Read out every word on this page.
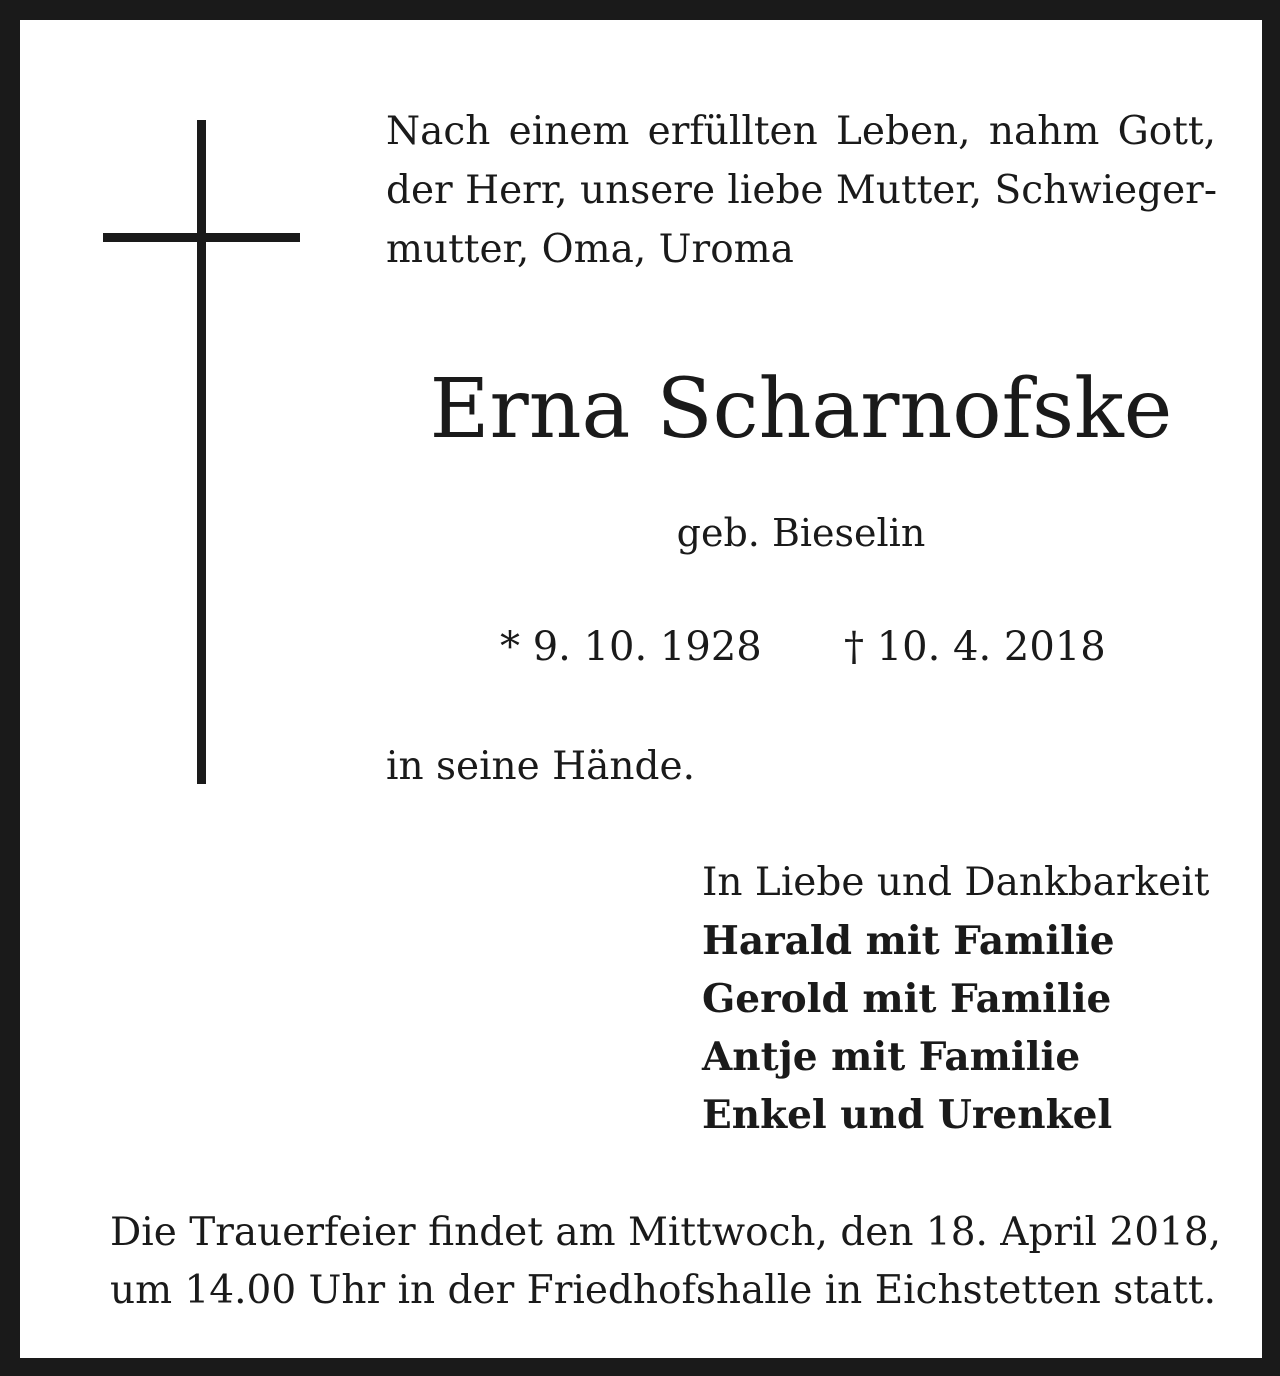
Nach einem erfüllten Leben, nahm Gott,
der Herr, unsere liebe Mutter, Schwieger-
mutter, Oma, Uroma

Erna Scharnofske

geb. Bieselin

* 9. 10. 1928 † 10. 4. 2018

in seine Hände.

In Liebe und Dankbarkeit
Harald mit Familie
Gerold mit Familie
Antje mit Familie
Enkel und Urenkel

Die Trauerfeier findet am Mittwoch, den 18. April 2018,
um 14.00 Uhr in der Friedhofshalle in Eichstetten statt.
